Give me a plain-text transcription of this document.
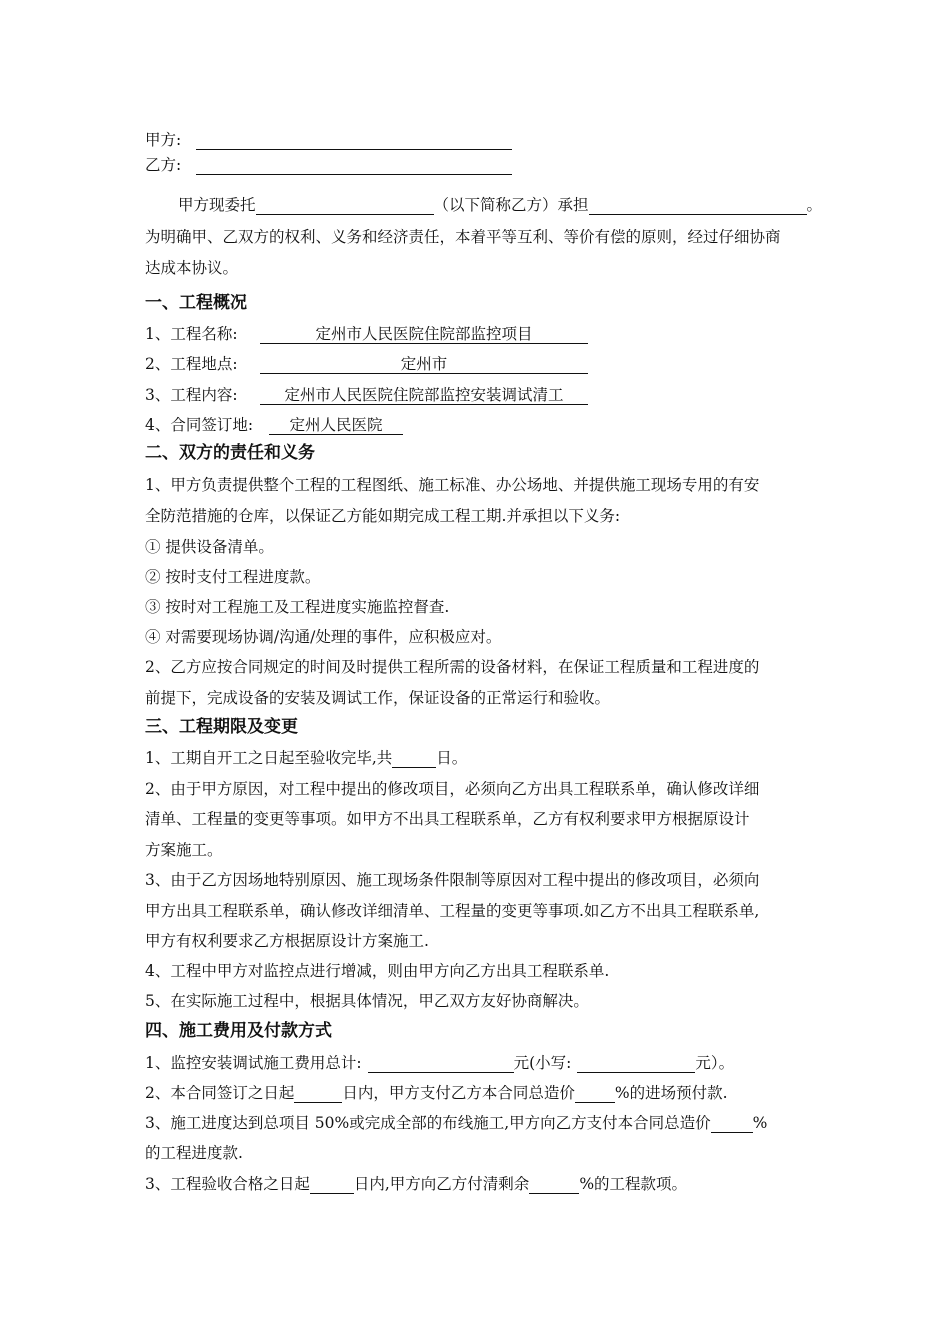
甲方:
乙方:
甲方现委托	（以下简称乙方）承担	。
为明确甲、乙双方的权利、义务和经济责任，本着平等互利、等价有偿的原则，经过仔细协商
达成本协议。
一、工程概况
1、工程名称:	定州市人民医院住院部监控项目
2、工程地点:	定州市
3、工程内容:	定州市人民医院住院部监控安装调试清工
4、合同签订地: 定州人民医院
二、双方的责任和义务
1、甲方负责提供整个工程的工程图纸、施工标准、办公场地、并提供施工现场专用的有安
全防范措施的仓库，以保证乙方能如期完成工程工期.并承担以下义务:
① 提供设备清单。
② 按时支付工程进度款。
③ 按时对工程施工及工程进度实施监控督查.
④ 对需要现场协调/沟通/处理的事件，应积极应对。
2、乙方应按合同规定的时间及时提供工程所需的设备材料，在保证工程质量和工程进度的
前提下，完成设备的安装及调试工作，保证设备的正常运行和验收。
三、工程期限及变更
1、工期自开工之日起至验收完毕,共	日。
2、由于甲方原因，对工程中提出的修改项目，必须向乙方出具工程联系单，确认修改详细
清单、工程量的变更等事项。如甲方不出具工程联系单，乙方有权利要求甲方根据原设计
方案施工。
3、由于乙方因场地特别原因、施工现场条件限制等原因对工程中提出的修改项目，必须向
甲方出具工程联系单，确认修改详细清单、工程量的变更等事项.如乙方不出具工程联系单,
甲方有权利要求乙方根据原设计方案施工.
4、工程中甲方对监控点进行增减，则由甲方向乙方出具工程联系单.
5、在实际施工过程中，根据具体情况，甲乙双方友好协商解决。
四、施工费用及付款方式
1、监控安装调试施工费用总计:	元(小写:	元）。
2、本合同签订之日起	日内，甲方支付乙方本合同总造价	%的进场预付款.
3、施工进度达到总项目 50%或完成全部的布线施工,甲方向乙方支付本合同总造价	%
的工程进度款.
3、工程验收合格之日起	日内,甲方向乙方付清剩余	%的工程款项。
